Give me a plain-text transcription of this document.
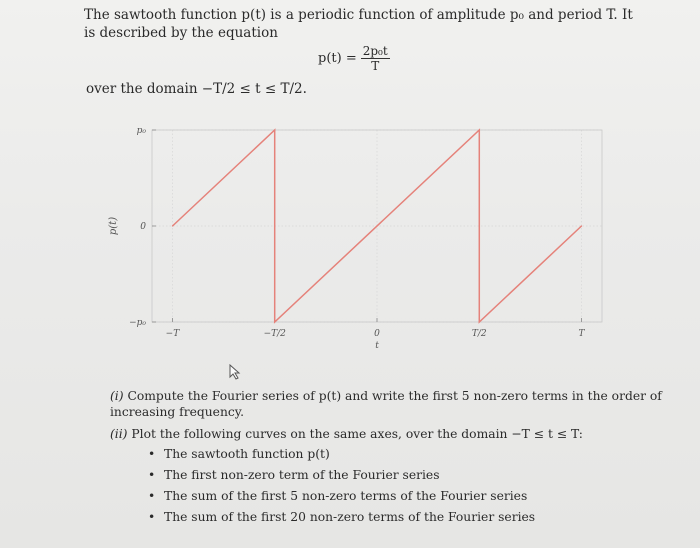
The sawtooth function p(t) is a periodic function of amplitude p₀ and period T. It is described by the equation
$p(t) = \frac{\text{2p₀t}}{T}$
over the domain −T/2 ≤ t ≤ T/2.
−T	−T/2	0	T/2	T
p₀
0
−p₀
t
p(t)
(i) Compute the Fourier series of p(t) and write the first 5 non-zero terms in the order of increasing frequency.
(ii) Plot the following curves on the same axes, over the domain −T ≤ t ≤ T:
• The sawtooth function p(t)
• The first non-zero term of the Fourier series
• The sum of the first 5 non-zero terms of the Fourier series
• The sum of the first 20 non-zero terms of the Fourier series
